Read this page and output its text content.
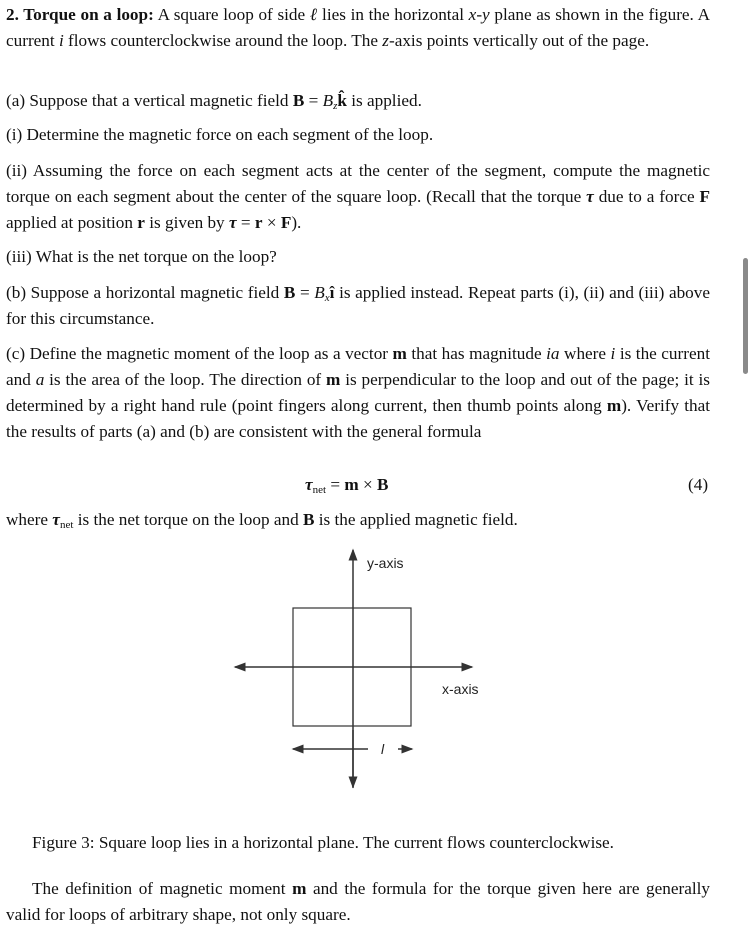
2. Torque on a loop: A square loop of side ℓ lies in the horizontal x-y plane as shown in the figure. A current i flows counterclockwise around the loop. The z-axis points vertically out of the page.
(a) Suppose that a vertical magnetic field $B = B_zk̂$ is applied.
(i) Determine the magnetic force on each segment of the loop.
(ii) Assuming the force on each segment acts at the center of the segment, compute the magnetic torque on each segment about the center of the square loop. (Recall that the torque τ due to a force F applied at position r is given by τ = r × F).
(iii) What is the net torque on the loop?
(b) Suppose a horizontal magnetic field $B = B_xî$ is applied instead. Repeat parts (i), (ii) and (iii) above for this circumstance.
(c) Define the magnetic moment of the loop as a vector m that has magnitude ia where i is the current and a is the area of the loop. The direction of m is perpendicular to the loop and out of the page; it is determined by a right hand rule (point fingers along current, then thumb points along m). Verify that the results of parts (a) and (b) are consistent with the general formula
$\tau_{net} = m \times B$	(4)
where $\tau_{net}$ is the net torque on the loop and B is the applied magnetic field.
y-axis
x-axis
l
Figure 3: Square loop lies in a horizontal plane. The current flows counterclockwise.
The definition of magnetic moment m and the formula for the torque given here are generally valid for loops of arbitrary shape, not only square.
